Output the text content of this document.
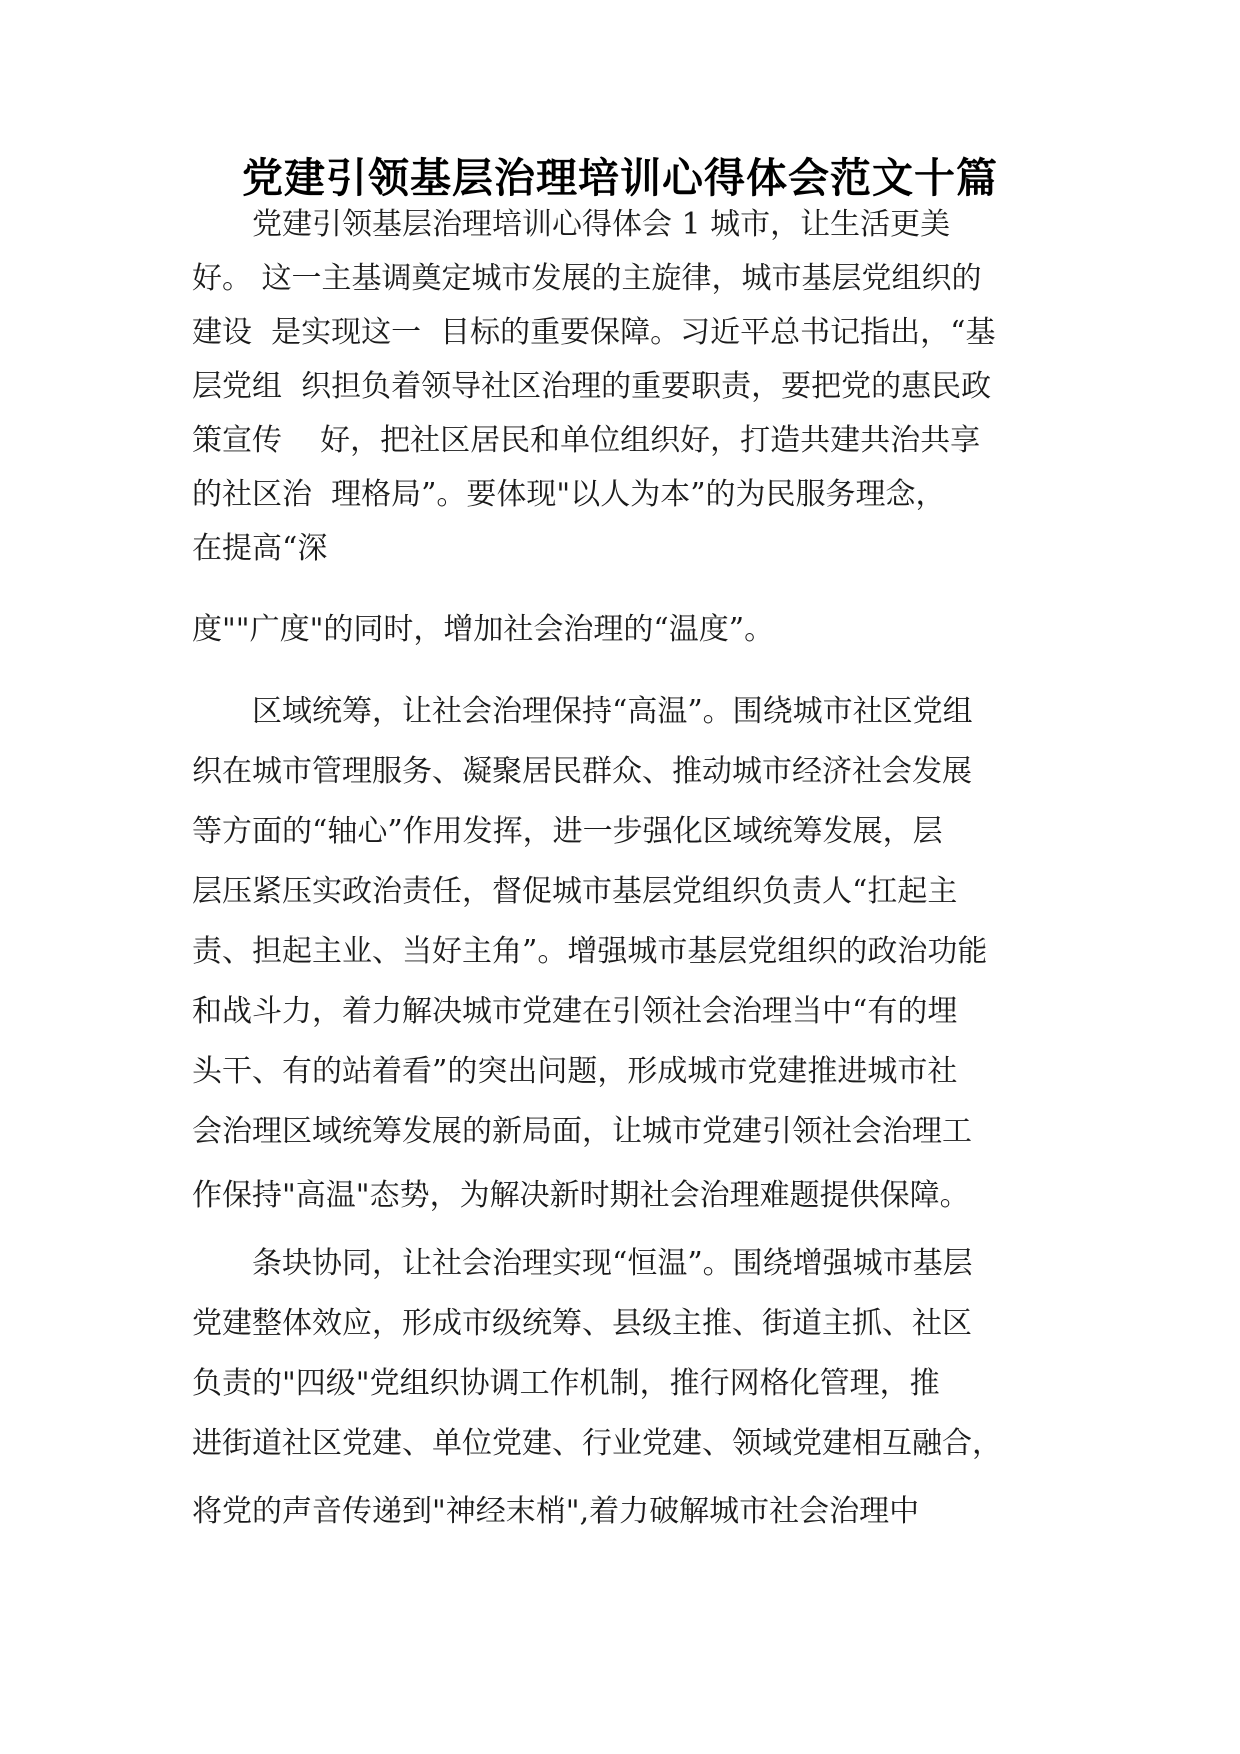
党建引领基层治理培训心得体会范文十篇
　　党建引领基层治理培训心得体会 1 城市，让生活更美
好。 这一主基调奠定城市发展的主旋律，城市基层党组织的
建设  是实现这一  目标的重要保障。习近平总书记指出，“基
层党组  织担负着领导社区治理的重要职责，要把党的惠民政
策宣传    好，把社区居民和单位组织好，打造共建共治共享
的社区治  理格局”。要体现"以人为本”的为民服务理念，
在提高“深
度""广度"的同时，增加社会治理的“温度”。
　　区域统筹，让社会治理保持“高温”。围绕城市社区党组
织在城市管理服务、凝聚居民群众、推动城市经济社会发展
等方面的“轴心”作用发挥，进一步强化区域统筹发展，层
层压紧压实政治责任，督促城市基层党组织负责人“扛起主
责、担起主业、当好主角”。增强城市基层党组织的政治功能
和战斗力，着力解决城市党建在引领社会治理当中“有的埋
头干、有的站着看”的突出问题，形成城市党建推进城市社
会治理区域统筹发展的新局面，让城市党建引领社会治理工
作保持"高温"态势，为解决新时期社会治理难题提供保障。
　　条块协同，让社会治理实现“恒温”。围绕增强城市基层
党建整体效应，形成市级统筹、县级主推、街道主抓、社区
负责的"四级"党组织协调工作机制，推行网格化管理，推
进街道社区党建、单位党建、行业党建、领域党建相互融合，
将党的声音传递到"神经末梢",着力破解城市社会治理中
